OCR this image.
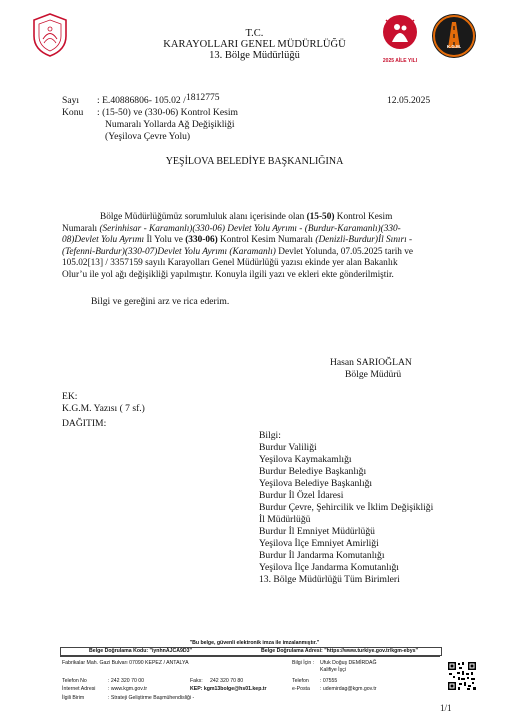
T.C.
KARAYOLLARI GENEL MÜDÜRLÜĞÜ
13. Bölge Müdürlüğü	2025 AİLE YILI
K.G.M.
Sayı : E.40886806- 105.02 / 1812775	12.05.2025
Konu : (15-50) ve (330-06) Kontrol Kesim
Numaralı Yollarda Ağ Değişikliği
(Yeşilova Çevre Yolu)
YEŞİLOVA BELEDİYE BAŞKANLIĞINA
Bölge Müdürlüğümüz sorumluluk alanı içerisinde olan (15-50) Kontrol Kesim
Numaralı (Serinhisar - Karamanlı)(330-06) Devlet Yolu Ayrımı - (Burdur-Karamanlı)(330-
08)Devlet Yolu Ayrımı İl Yolu ve (330-06) Kontrol Kesim Numaralı (Denizli-Burdur)İl Sınırı -
(Tefenni-Burdur)(330-07)Devlet Yolu Ayrımı (Karamanlı) Devlet Yolunda, 07.05.2025 tarih ve
105.02[13] / 3357159 sayılı Karayolları Genel Müdürlüğü yazısı ekinde yer alan Bakanlık
Olur’u ile yol ağı değişikliği yapılmıştır. Konuyla ilgili yazı ve ekleri ekte gönderilmiştir.
Bilgi ve gereğini arz ve rica ederim.
Hasan SARIOĞLAN
Bölge Müdürü
EK:
K.G.M. Yazısı ( 7 sf.)
DAĞITIM:
Bilgi:
Burdur Valiliği
Yeşilova Kaymakamlığı
Burdur Belediye Başkanlığı
Yeşilova Belediye Başkanlığı
Burdur İl Özel İdaresi
Burdur Çevre, Şehircilik ve İklim Değişikliği
İl Müdürlüğü
Burdur İl Emniyet Müdürlüğü
Yeşilova İlçe Emniyet Amirliği
Burdur İl Jandarma Komutanlığı
Yeşilova İlçe Jandarma Komutanlığı
13. Bölge Müdürlüğü Tüm Birimleri
"Bu belge, güvenli elektronik imza ile imzalanmıştır."
Belge Doğrulama Kodu: "iynhnAJCA9D3"	Belge Doğrulama Adresi: "https://www.turkiye.gov.tr/kgm-ebys"
Fabrikalar Mah. Gazi Bulvarı 07090 KEPEZ / ANTALYA	Bilgi İçin : Ufuk Doğuş DEMİRDAĞ
Kalifiye İşçi
Telefon No	: 242 320 70 00	Faks: 242 320 70 80	Telefon : 07555
İnternet Adresi : www.kgm.gov.tr	KEP: kgm13bolge@hs01.kep.tr	e-Posta : udemirdag@kgm.gov.tr
İlgili Birim	: Strateji Geliştirme Başmühendisliği -
1/1
